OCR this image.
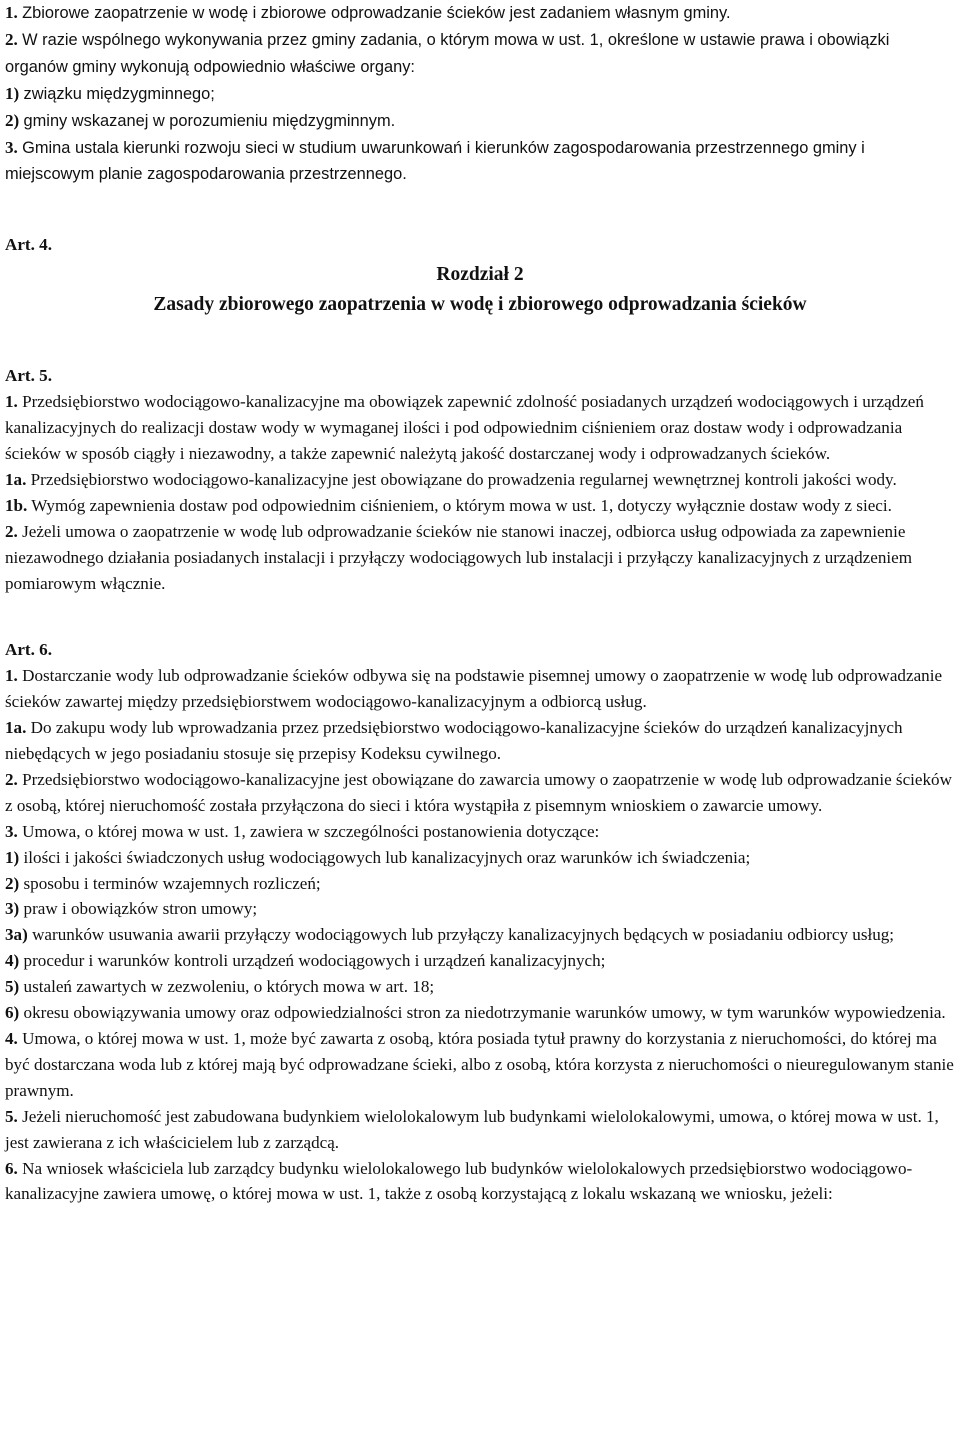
1. Zbiorowe zaopatrzenie w wodę i zbiorowe odprowadzanie ścieków jest zadaniem własnym gminy.

2. W razie wspólnego wykonywania przez gminy zadania, o którym mowa w ust. 1, określone w ustawie prawa i obowiązki organów gminy wykonują odpowiednio właściwe organy:

1) związku międzygminnego;

2) gminy wskazanej w porozumieniu międzygminnym.

3. Gmina ustala kierunki rozwoju sieci w studium uwarunkowań i kierunków zagospodarowania przestrzennego gminy i miejscowym planie zagospodarowania przestrzennego.

Art. 4.

Rozdział 2
Zasady zbiorowego zaopatrzenia w wodę i zbiorowego odprowadzania ścieków

Art. 5.

1. Przedsiębiorstwo wodociągowo-kanalizacyjne ma obowiązek zapewnić zdolność posiadanych urządzeń wodociągowych i urządzeń kanalizacyjnych do realizacji dostaw wody w wymaganej ilości i pod odpowiednim ciśnieniem oraz dostaw wody i odprowadzania ścieków w sposób ciągły i niezawodny, a także zapewnić należytą jakość dostarczanej wody i odprowadzanych ścieków.

1a. Przedsiębiorstwo wodociągowo-kanalizacyjne jest obowiązane do prowadzenia regularnej wewnętrznej kontroli jakości wody.

1b. Wymóg zapewnienia dostaw pod odpowiednim ciśnieniem, o którym mowa w ust. 1, dotyczy wyłącznie dostaw wody z sieci.

2. Jeżeli umowa o zaopatrzenie w wodę lub odprowadzanie ścieków nie stanowi inaczej, odbiorca usług odpowiada za zapewnienie niezawodnego działania posiadanych instalacji i przyłączy wodociągowych lub instalacji i przyłączy kanalizacyjnych z urządzeniem pomiarowym włącznie.

Art. 6.

1. Dostarczanie wody lub odprowadzanie ścieków odbywa się na podstawie pisemnej umowy o zaopatrzenie w wodę lub odprowadzanie ścieków zawartej między przedsiębiorstwem wodociągowo-kanalizacyjnym a odbiorcą usług.

1a. Do zakupu wody lub wprowadzania przez przedsiębiorstwo wodociągowo-kanalizacyjne ścieków do urządzeń kanalizacyjnych niebędących w jego posiadaniu stosuje się przepisy Kodeksu cywilnego.

2. Przedsiębiorstwo wodociągowo-kanalizacyjne jest obowiązane do zawarcia umowy o zaopatrzenie w wodę lub odprowadzanie ścieków z osobą, której nieruchomość została przyłączona do sieci i która wystąpiła z pisemnym wnioskiem o zawarcie umowy.

3. Umowa, o której mowa w ust. 1, zawiera w szczególności postanowienia dotyczące:

1) ilości i jakości świadczonych usług wodociągowych lub kanalizacyjnych oraz warunków ich świadczenia;

2) sposobu i terminów wzajemnych rozliczeń;

3) praw i obowiązków stron umowy;

3a) warunków usuwania awarii przyłączy wodociągowych lub przyłączy kanalizacyjnych będących w posiadaniu odbiorcy usług;

4) procedur i warunków kontroli urządzeń wodociągowych i urządzeń kanalizacyjnych;

5) ustaleń zawartych w zezwoleniu, o których mowa w art. 18;

6) okresu obowiązywania umowy oraz odpowiedzialności stron za niedotrzymanie warunków umowy, w tym warunków wypowiedzenia.

4. Umowa, o której mowa w ust. 1, może być zawarta z osobą, która posiada tytuł prawny do korzystania z nieruchomości, do której ma być dostarczana woda lub z której mają być odprowadzane ścieki, albo z osobą, która korzysta z nieruchomości o nieuregulowanym stanie prawnym.

5. Jeżeli nieruchomość jest zabudowana budynkiem wielolokalowym lub budynkami wielolokalowymi, umowa, o której mowa w ust. 1, jest zawierana z ich właścicielem lub z zarządcą.

6. Na wniosek właściciela lub zarządcy budynku wielolokalowego lub budynków wielolokalowych przedsiębiorstwo wodociągowo-kanalizacyjne zawiera umowę, o której mowa w ust. 1, także z osobą korzystającą z lokalu wskazaną we wniosku, jeżeli:
